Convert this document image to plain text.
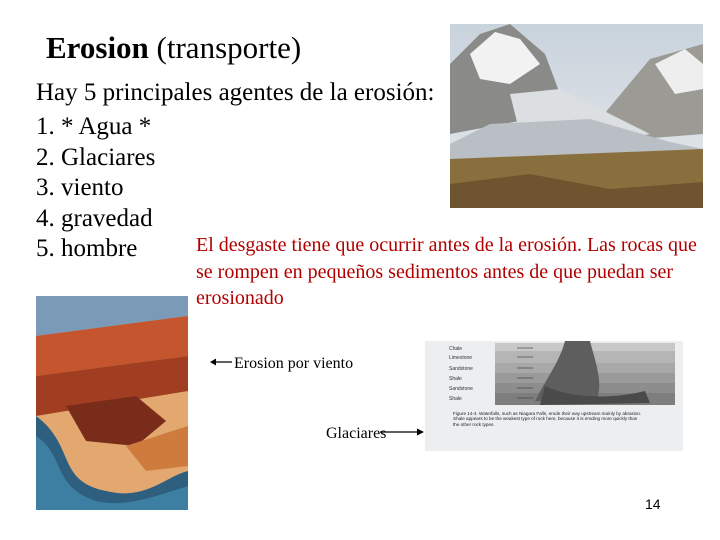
Erosion (transporte)
Hay 5 principales agentes de la erosión:
1. * Agua *
2. Glaciares
3. viento
4. gravedad
5. hombre	El desgaste tiene que ocurrir antes de la erosión. Las rocas que se rompen en pequeños sedimentos antes de que puedan ser erosionado
Erosion por viento
Chale
Limestone
Sandstone
Shale
Sandstone
Shale
Figure 14-4. Waterfalls, such as Niagara Falls, erode their way upstream mainly by abrasion. Shale appears to be the weakest type of rock here, because it is eroding more quickly than the other rock types.
Glaciares
14
